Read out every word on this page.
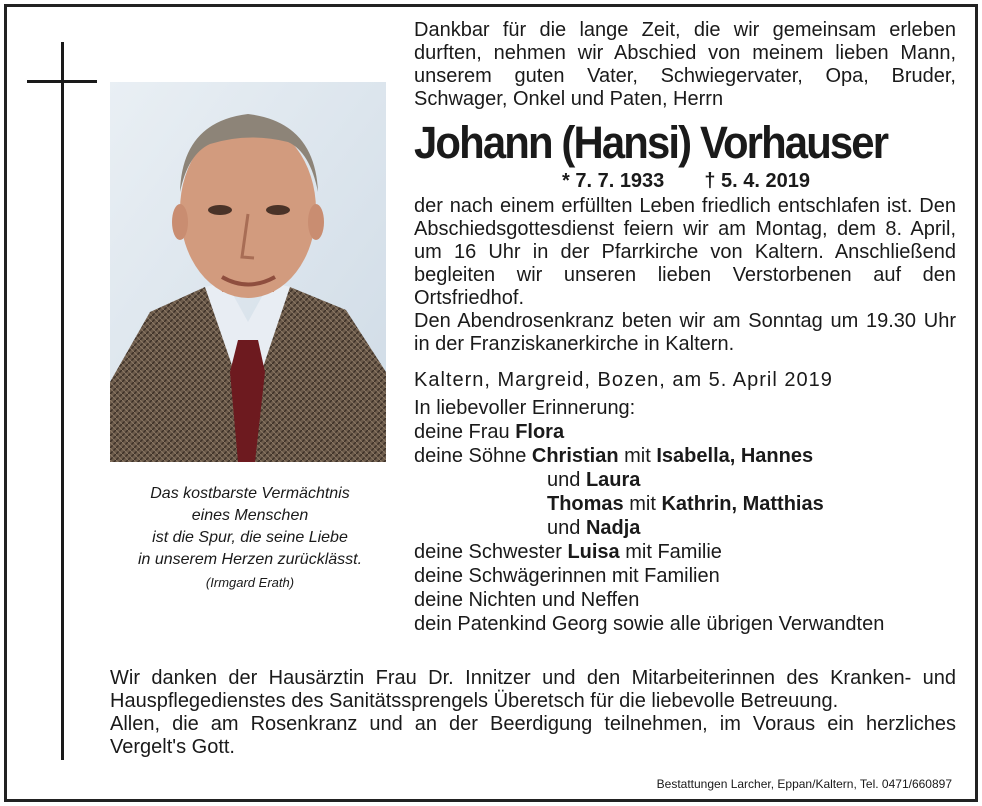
Das kostbarste Vermächtnis
eines Menschen
ist die Spur, die seine Liebe
in unserem Herzen zurücklässt.
(Irmgard Erath)

Dankbar für die lange Zeit, die wir gemeinsam erleben durften, nehmen wir Abschied von meinem lieben Mann, unserem guten Vater, Schwiegervater, Opa, Bruder, Schwager, Onkel und Paten, Herrn

Johann (Hansi) Vorhauser
* 7. 7. 1933 † 5. 4. 2019

der nach einem erfüllten Leben friedlich entschlafen ist. Den Abschiedsgottesdienst feiern wir am Montag, dem 8. April, um 16 Uhr in der Pfarrkirche von Kaltern. Anschließend begleiten wir unseren lieben Verstorbenen auf den Ortsfriedhof.

Den Abendrosenkranz beten wir am Sonntag um 19.30 Uhr in der Franziskanerkirche in Kaltern.

Kaltern, Margreid, Bozen, am 5. April 2019
In liebevoller Erinnerung:
deine Frau Flora
deine Söhne Christian mit Isabella, Hannes
und Laura
Thomas mit Kathrin, Matthias
und Nadja
deine Schwester Luisa mit Familie
deine Schwägerinnen mit Familien
deine Nichten und Neffen
dein Patenkind Georg sowie alle übrigen Verwandten
Wir danken der Hausärztin Frau Dr. Innitzer und den Mitarbeiterinnen des Kranken- und Hauspflegedienstes des Sanitätssprengels Überetsch für die liebevolle Betreuung.
Allen, die am Rosenkranz und an der Beerdigung teilnehmen, im Voraus ein herzliches Vergelt's Gott.
Bestattungen Larcher, Eppan/Kaltern, Tel. 0471/660897
